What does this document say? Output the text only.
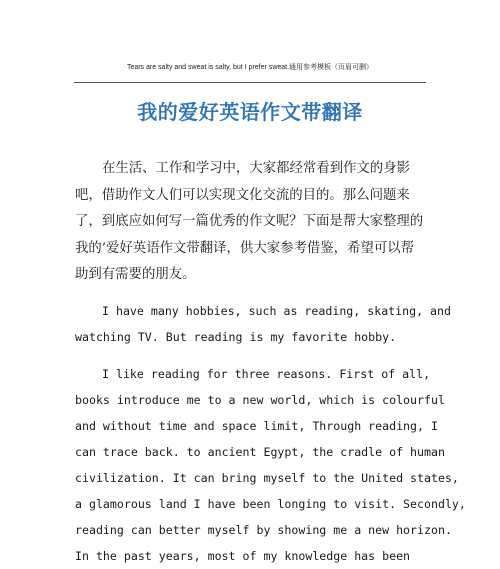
Tears are salty and sweat is salty, but I prefer sweat.通用参考模板（页眉可删）
我的爱好英语作文带翻译
在生活、工作和学习中，大家都经常看到作文的身影吧，借助作文人们可以实现文化交流的目的。那么问题来了，到底应如何写一篇优秀的作文呢？下面是帮大家整理的我的’爱好英语作文带翻译，供大家参考借鉴，希望可以帮助到有需要的朋友。
I have many hobbies, such as reading, skating, and
watching TV. But reading is my favorite hobby.
I like reading for three reasons. First of all,
books introduce me to a new world, which is colourful
and without time and space limit, Through reading, I
can trace back. to ancient Egypt, the cradle of human
civilization. It can bring myself to the United states,
a glamorous land I have been longing to visit. Secondly,
reading can better myself by showing me a new horizon.
In the past years, most of my knowledge has been
